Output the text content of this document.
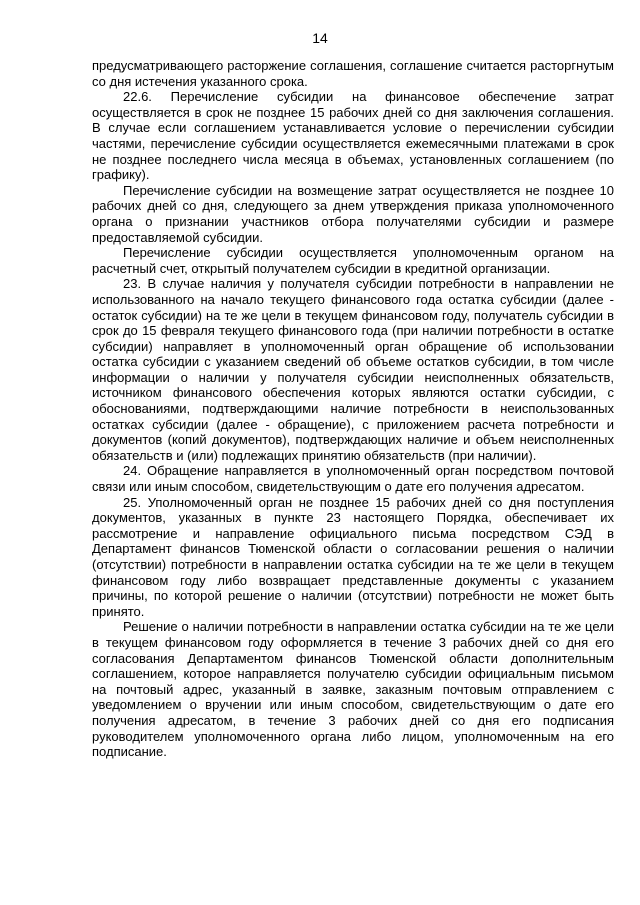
14

предусматривающего расторжение соглашения, соглашение считается расторгнутым со дня истечения указанного срока.

22.6. Перечисление субсидии на финансовое обеспечение затрат осуществляется в срок не позднее 15 рабочих дней со дня заключения соглашения. В случае если соглашением устанавливается условие о перечислении субсидии частями, перечисление субсидии осуществляется ежемесячными платежами в срок не позднее последнего числа месяца в объемах, установленных соглашением (по графику).

Перечисление субсидии на возмещение затрат осуществляется не позднее 10 рабочих дней со дня, следующего за днем утверждения приказа уполномоченного органа о признании участников отбора получателями субсидии и размере предоставляемой субсидии.

Перечисление субсидии осуществляется уполномоченным органом на расчетный счет, открытый получателем субсидии в кредитной организации.

23. В случае наличия у получателя субсидии потребности в направлении не использованного на начало текущего финансового года остатка субсидии (далее - остаток субсидии) на те же цели в текущем финансовом году, получатель субсидии в срок до 15 февраля текущего финансового года (при наличии потребности в остатке субсидии) направляет в уполномоченный орган обращение об использовании остатка субсидии с указанием сведений об объеме остатков субсидии, в том числе информации о наличии у получателя субсидии неисполненных обязательств, источником финансового обеспечения которых являются остатки субсидии, с обоснованиями, подтверждающими наличие потребности в неиспользованных остатках субсидии (далее - обращение), с приложением расчета потребности и документов (копий документов), подтверждающих наличие и объем неисполненных обязательств и (или) подлежащих принятию обязательств (при наличии).

24. Обращение направляется в уполномоченный орган посредством почтовой связи или иным способом, свидетельствующим о дате его получения адресатом.

25. Уполномоченный орган не позднее 15 рабочих дней со дня поступления документов, указанных в пункте 23 настоящего Порядка, обеспечивает их рассмотрение и направление официального письма посредством СЭД в Департамент финансов Тюменской области о согласовании решения о наличии (отсутствии) потребности в направлении остатка субсидии на те же цели в текущем финансовом году либо возвращает представленные документы с указанием причины, по которой решение о наличии (отсутствии) потребности не может быть принято.

Решение о наличии потребности в направлении остатка субсидии на те же цели в текущем финансовом году оформляется в течение 3 рабочих дней со дня его согласования Департаментом финансов Тюменской области дополнительным соглашением, которое направляется получателю субсидии официальным письмом на почтовый адрес, указанный в заявке, заказным почтовым отправлением с уведомлением о вручении или иным способом, свидетельствующим о дате его получения адресатом, в течение 3 рабочих дней со дня его подписания руководителем уполномоченного органа либо лицом, уполномоченным на его подписание.
